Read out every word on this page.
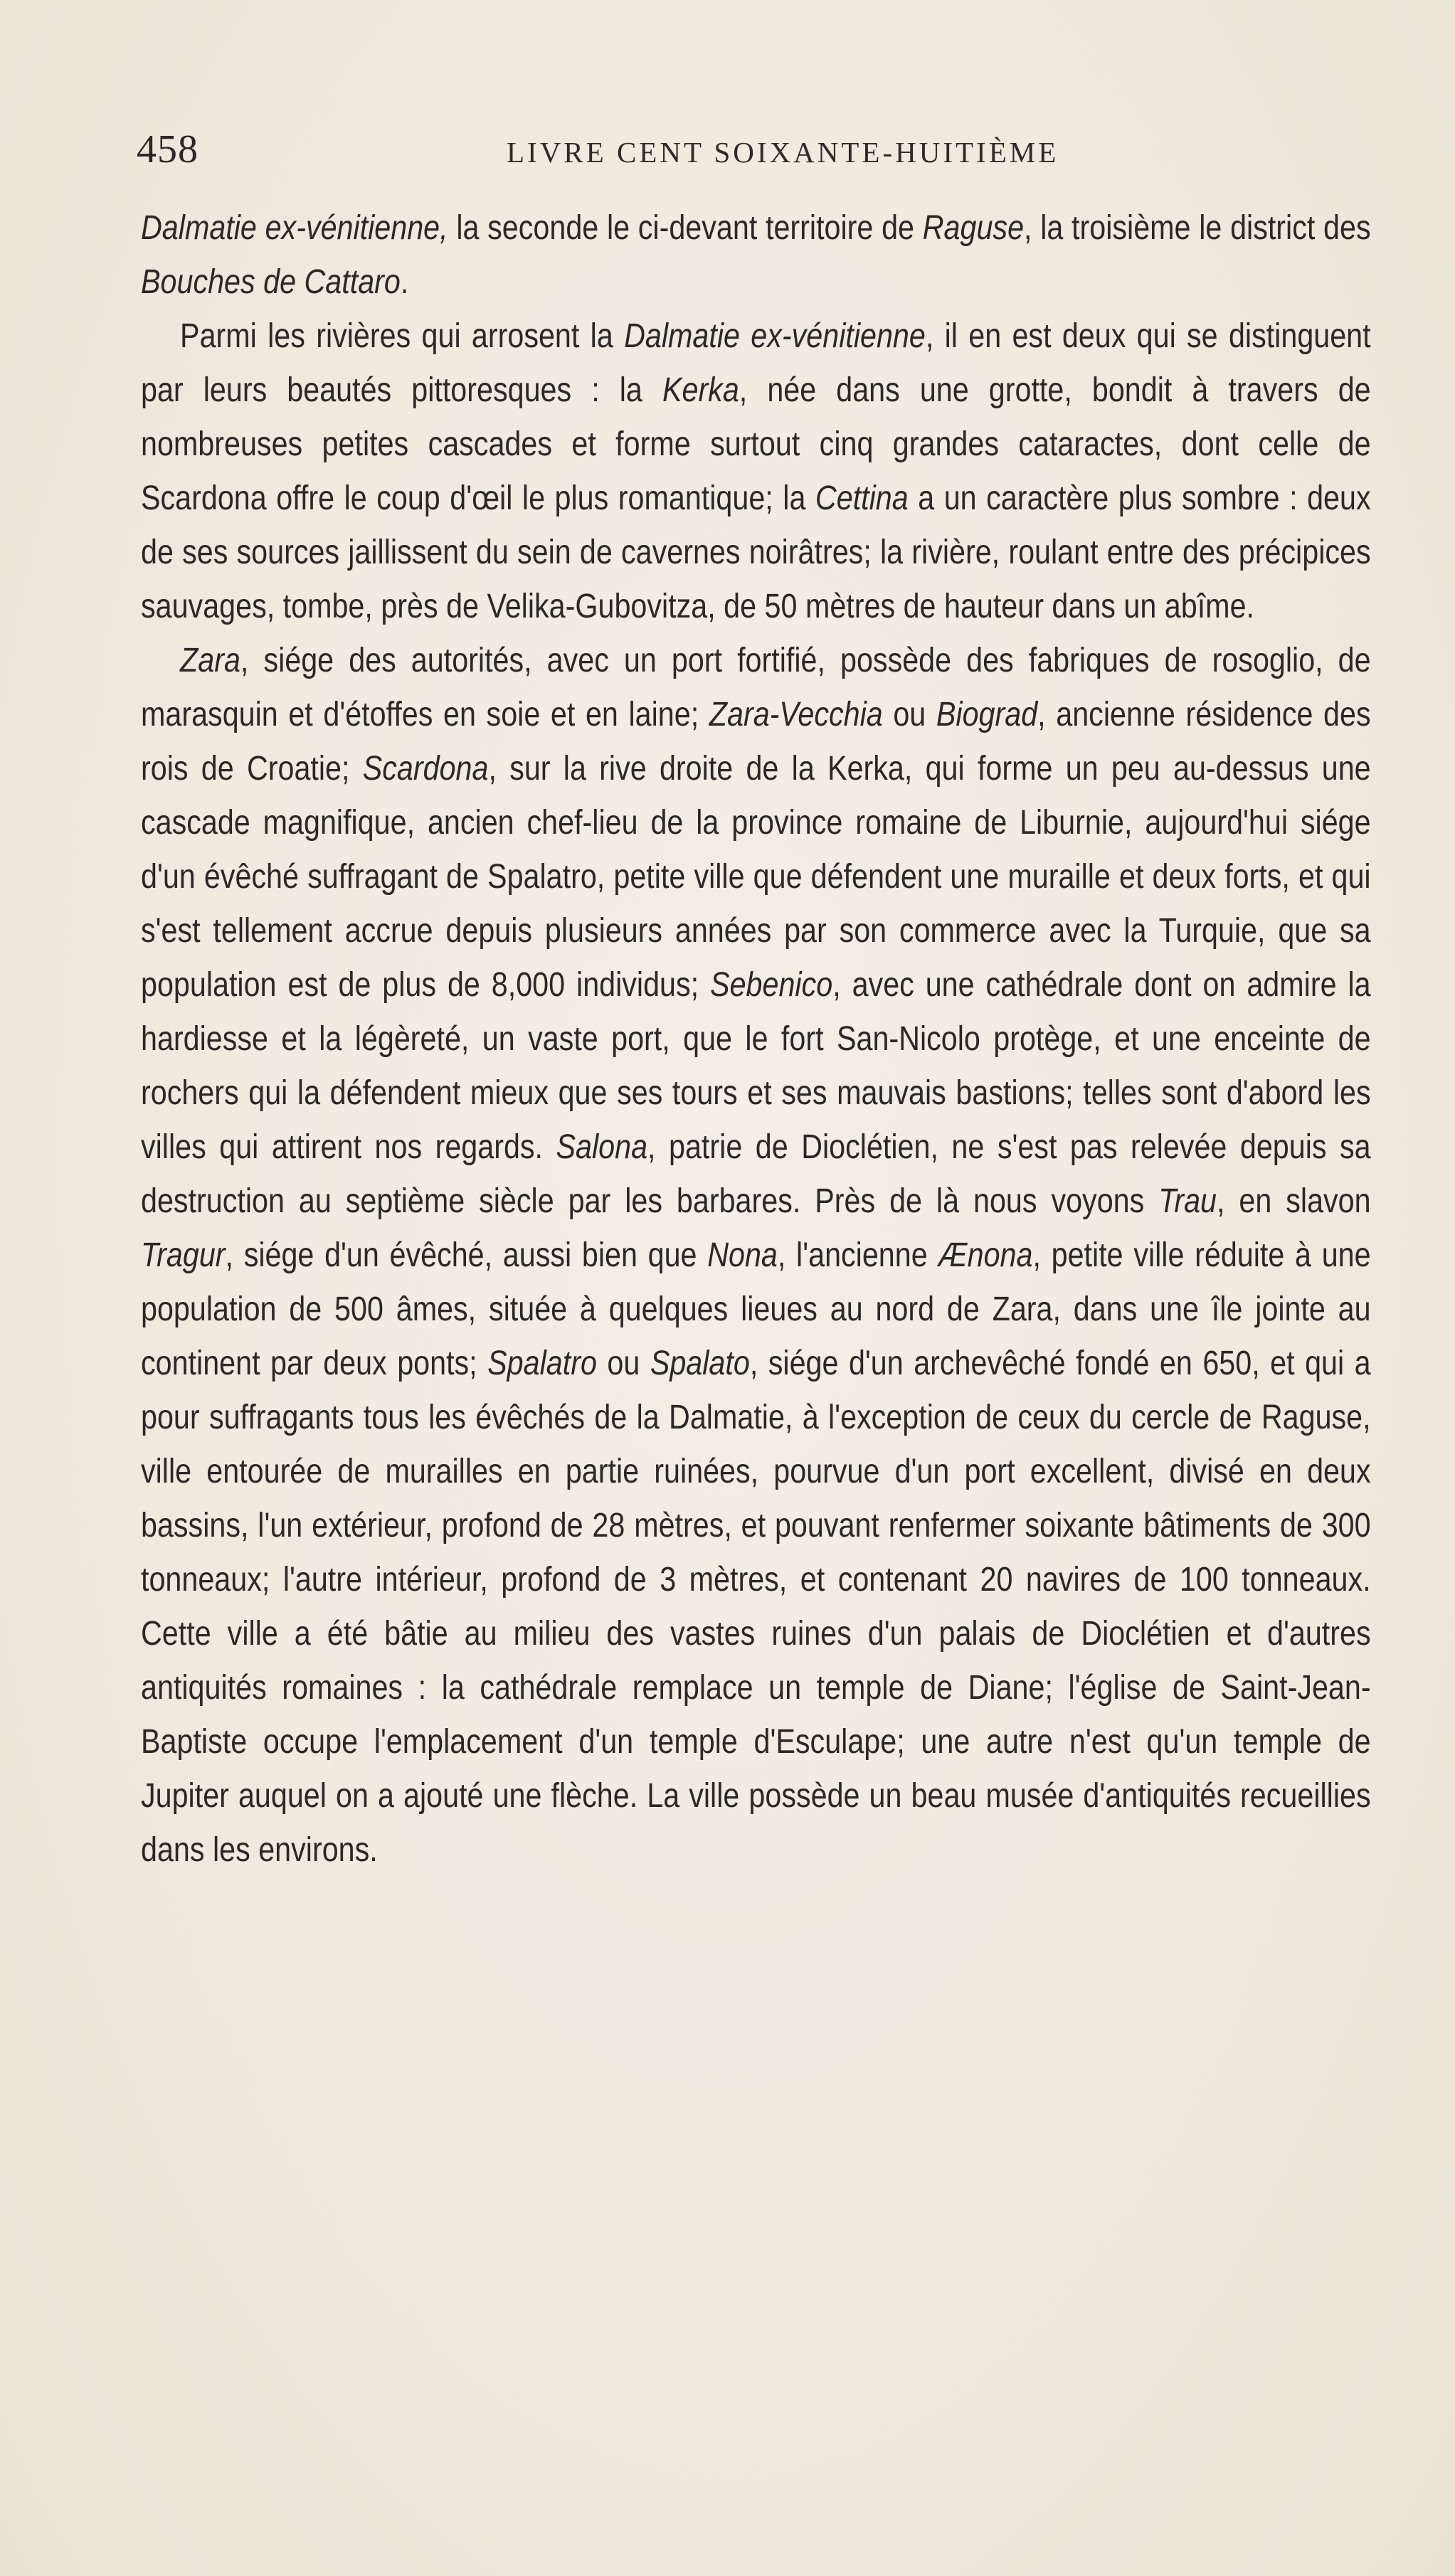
458	LIVRE CENT SOIXANTE-HUITIÈME

Dalmatie ex-vénitienne, la seconde le ci-devant territoire de Raguse, la troisième le district des Bouches de Cattaro.

Parmi les rivières qui arrosent la Dalmatie ex-vénitienne, il en est deux qui se distinguent par leurs beautés pittoresques : la Kerka, née dans une grotte, bondit à travers de nombreuses petites cascades et forme surtout cinq grandes cataractes, dont celle de Scardona offre le coup d'œil le plus romantique; la Cettina a un caractère plus sombre : deux de ses sources jaillissent du sein de cavernes noirâtres; la rivière, roulant entre des précipices sauvages, tombe, près de Velika-Gubovitza, de 50 mètres de hauteur dans un abîme.

Zara, siége des autorités, avec un port fortifié, possède des fabriques de rosoglio, de marasquin et d'étoffes en soie et en laine; Zara-Vecchia ou Biograd, ancienne résidence des rois de Croatie; Scardona, sur la rive droite de la Kerka, qui forme un peu au-dessus une cascade magnifique, ancien chef-lieu de la province romaine de Liburnie, aujourd'hui siége d'un évêché suffragant de Spalatro, petite ville que défendent une muraille et deux forts, et qui s'est tellement accrue depuis plusieurs années par son commerce avec la Turquie, que sa population est de plus de 8,000 individus; Sebenico, avec une cathédrale dont on admire la hardiesse et la légèreté, un vaste port, que le fort San-Nicolo protège, et une enceinte de rochers qui la défendent mieux que ses tours et ses mauvais bastions; telles sont d'abord les villes qui attirent nos regards. Salona, patrie de Dioclétien, ne s'est pas relevée depuis sa destruction au septième siècle par les barbares. Près de là nous voyons Trau, en slavon Tragur, siége d'un évêché, aussi bien que Nona, l'ancienne Ænona, petite ville réduite à une population de 500 âmes, située à quelques lieues au nord de Zara, dans une île jointe au continent par deux ponts; Spalatro ou Spalato, siége d'un archevêché fondé en 650, et qui a pour suffragants tous les évêchés de la Dalmatie, à l'exception de ceux du cercle de Raguse, ville entourée de murailles en partie ruinées, pourvue d'un port excellent, divisé en deux bassins, l'un extérieur, profond de 28 mètres, et pouvant renfermer soixante bâtiments de 300 tonneaux; l'autre intérieur, profond de 3 mètres, et contenant 20 navires de 100 tonneaux. Cette ville a été bâtie au milieu des vastes ruines d'un palais de Dioclétien et d'autres antiquités romaines : la cathédrale remplace un temple de Diane; l'église de Saint-Jean-Baptiste occupe l'emplacement d'un temple d'Esculape; une autre n'est qu'un temple de Jupiter auquel on a ajouté une flèche. La ville possède un beau musée d'antiquités recueillies dans les environs.
